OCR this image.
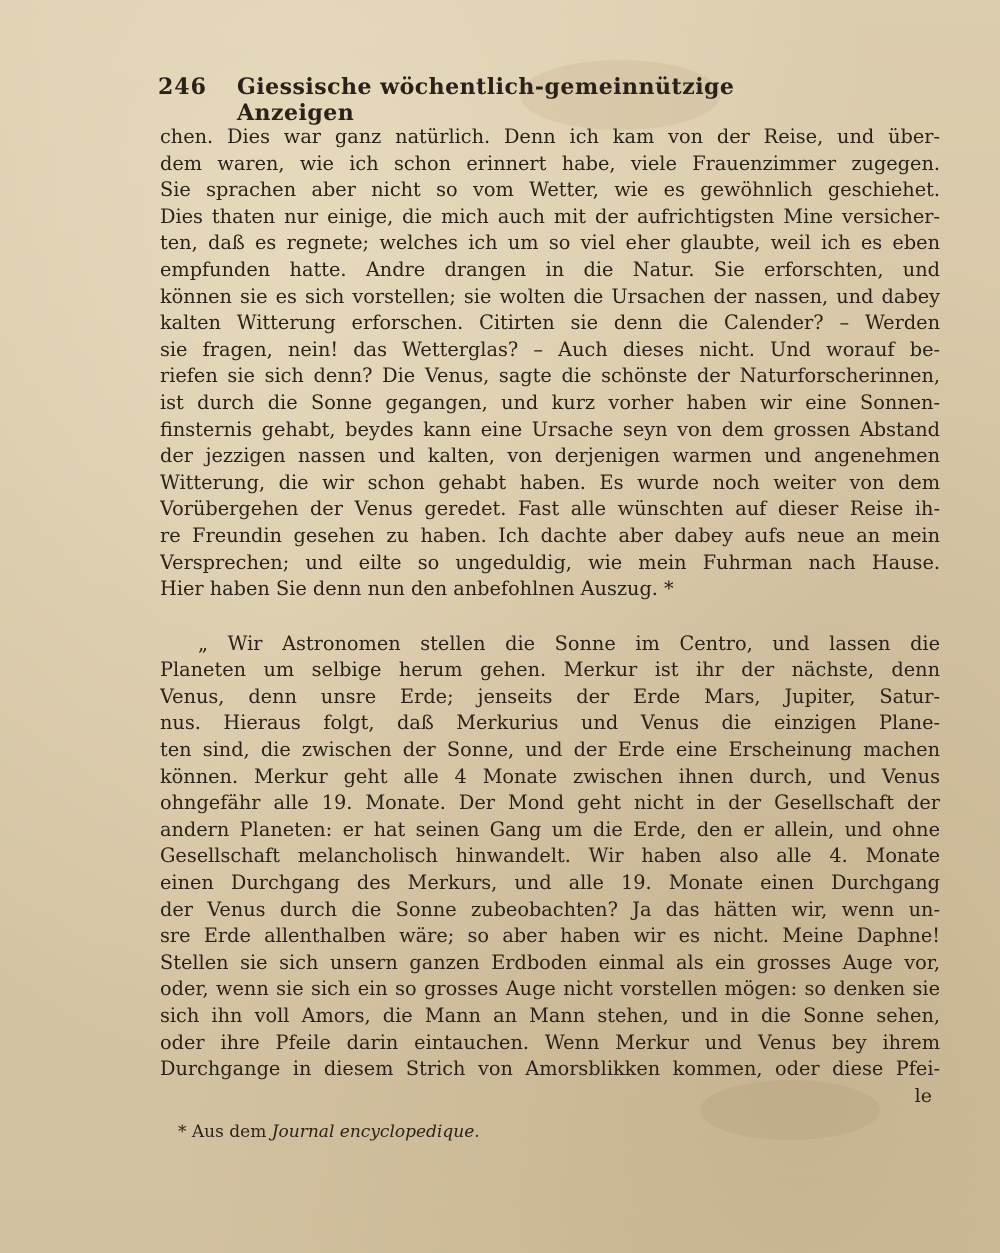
246 Giessische wöchentlich-gemeinnützige Anzeigen
chen. Dies war ganz natürlich. Denn ich kam von der Reise, und über-
dem waren, wie ich schon erinnert habe, viele Frauenzimmer zugegen.
Sie sprachen aber nicht so vom Wetter, wie es gewöhnlich geschiehet.
Dies thaten nur einige, die mich auch mit der aufrichtigsten Mine versicher-
ten, daß es regnete; welches ich um so viel eher glaubte, weil ich es eben
empfunden hatte. Andre drangen in die Natur. Sie erforschten, und
können sie es sich vorstellen; sie wolten die Ursachen der nassen, und dabey
kalten Witterung erforschen. Citirten sie denn die Calender? – Werden
sie fragen, nein! das Wetterglas? – Auch dieses nicht. Und worauf be-
riefen sie sich denn? Die Venus, sagte die schönste der Naturforscherinnen,
ist durch die Sonne gegangen, und kurz vorher haben wir eine Sonnen-
finsternis gehabt, beydes kann eine Ursache seyn von dem grossen Abstand
der jezzigen nassen und kalten, von derjenigen warmen und angenehmen
Witterung, die wir schon gehabt haben. Es wurde noch weiter von dem
Vorübergehen der Venus geredet. Fast alle wünschten auf dieser Reise ih-
re Freundin gesehen zu haben. Ich dachte aber dabey aufs neue an mein
Versprechen; und eilte so ungeduldig, wie mein Fuhrman nach Hause.
Hier haben Sie denn nun den anbefohlnen Auszug. *
„ Wir Astronomen stellen die Sonne im Centro, und lassen die
Planeten um selbige herum gehen. Merkur ist ihr der nächste, denn
Venus, denn unsre Erde; jenseits der Erde Mars, Jupiter, Satur-
nus. Hieraus folgt, daß Merkurius und Venus die einzigen Plane-
ten sind, die zwischen der Sonne, und der Erde eine Erscheinung machen
können. Merkur geht alle 4 Monate zwischen ihnen durch, und Venus
ohngefähr alle 19. Monate. Der Mond geht nicht in der Gesellschaft der
andern Planeten: er hat seinen Gang um die Erde, den er allein, und ohne
Gesellschaft melancholisch hinwandelt. Wir haben also alle 4. Monate
einen Durchgang des Merkurs, und alle 19. Monate einen Durchgang
der Venus durch die Sonne zubeobachten? Ja das hätten wir, wenn un-
sre Erde allenthalben wäre; so aber haben wir es nicht. Meine Daphne!
Stellen sie sich unsern ganzen Erdboden einmal als ein grosses Auge vor,
oder, wenn sie sich ein so grosses Auge nicht vorstellen mögen: so denken sie
sich ihn voll Amors, die Mann an Mann stehen, und in die Sonne sehen,
oder ihre Pfeile darin eintauchen. Wenn Merkur und Venus bey ihrem
Durchgange in diesem Strich von Amorsblikken kommen, oder diese Pfei-
le
* Aus dem Journal encyclopedique.
